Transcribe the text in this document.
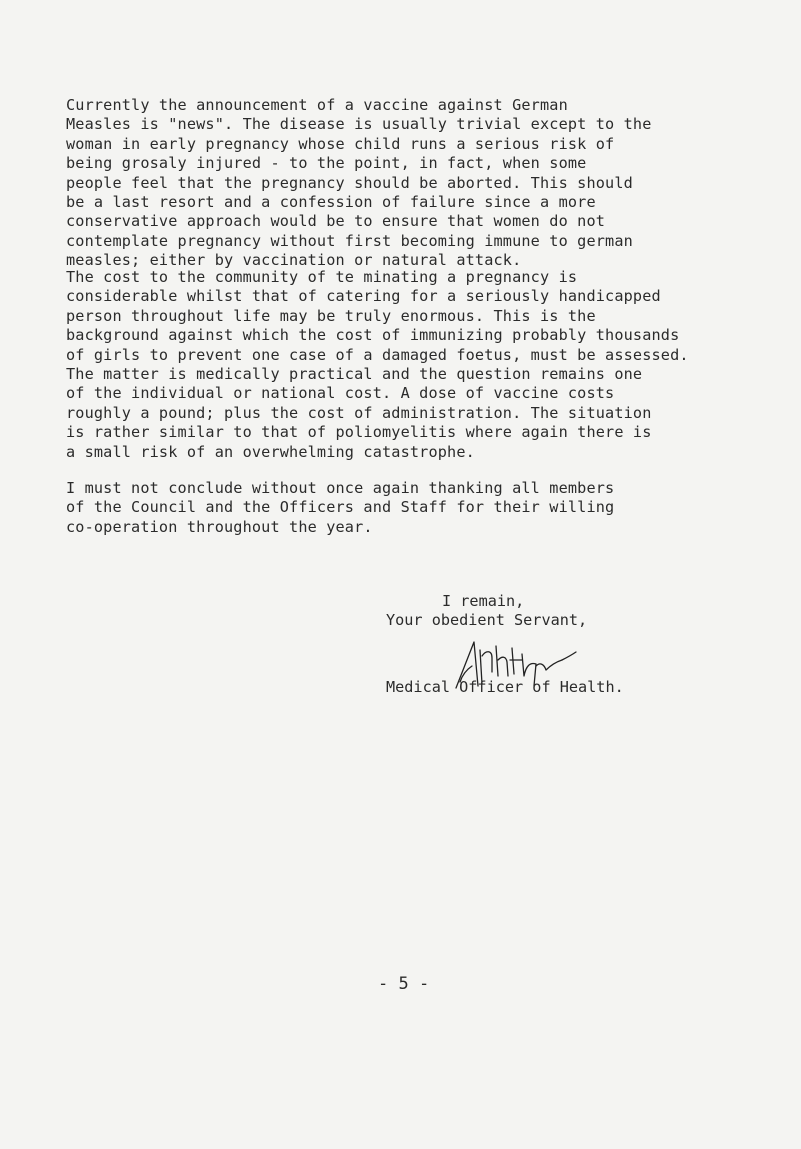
Currently the announcement of a vaccine against German
Measles is "news". The disease is usually trivial except to the
woman in early pregnancy whose child runs a serious risk of
being grosaly injured - to the point, in fact, when some
people feel that the pregnancy should be aborted. This should
be a last resort and a confession of failure since a more
conservative approach would be to ensure that women do not
contemplate pregnancy without first becoming immune to german
measles; either by vaccination or natural attack.

The cost to the community of te minating a pregnancy is
considerable whilst that of catering for a seriously handicapped
person throughout life may be truly enormous. This is the
background against which the cost of immunizing probably thousands
of girls to prevent one case of a damaged foetus, must be assessed.
The matter is medically practical and the question remains one
of the individual or national cost. A dose of vaccine costs
roughly a pound; plus the cost of administration. The situation
is rather similar to that of poliomyelitis where again there is
a small risk of an overwhelming catastrophe.

I must not conclude without once again thanking all members
of the Council and the Officers and Staff for their willing
co-operation throughout the year.

I remain,
Your obedient Servant,
Medical Officer of Health.
- 5 -
